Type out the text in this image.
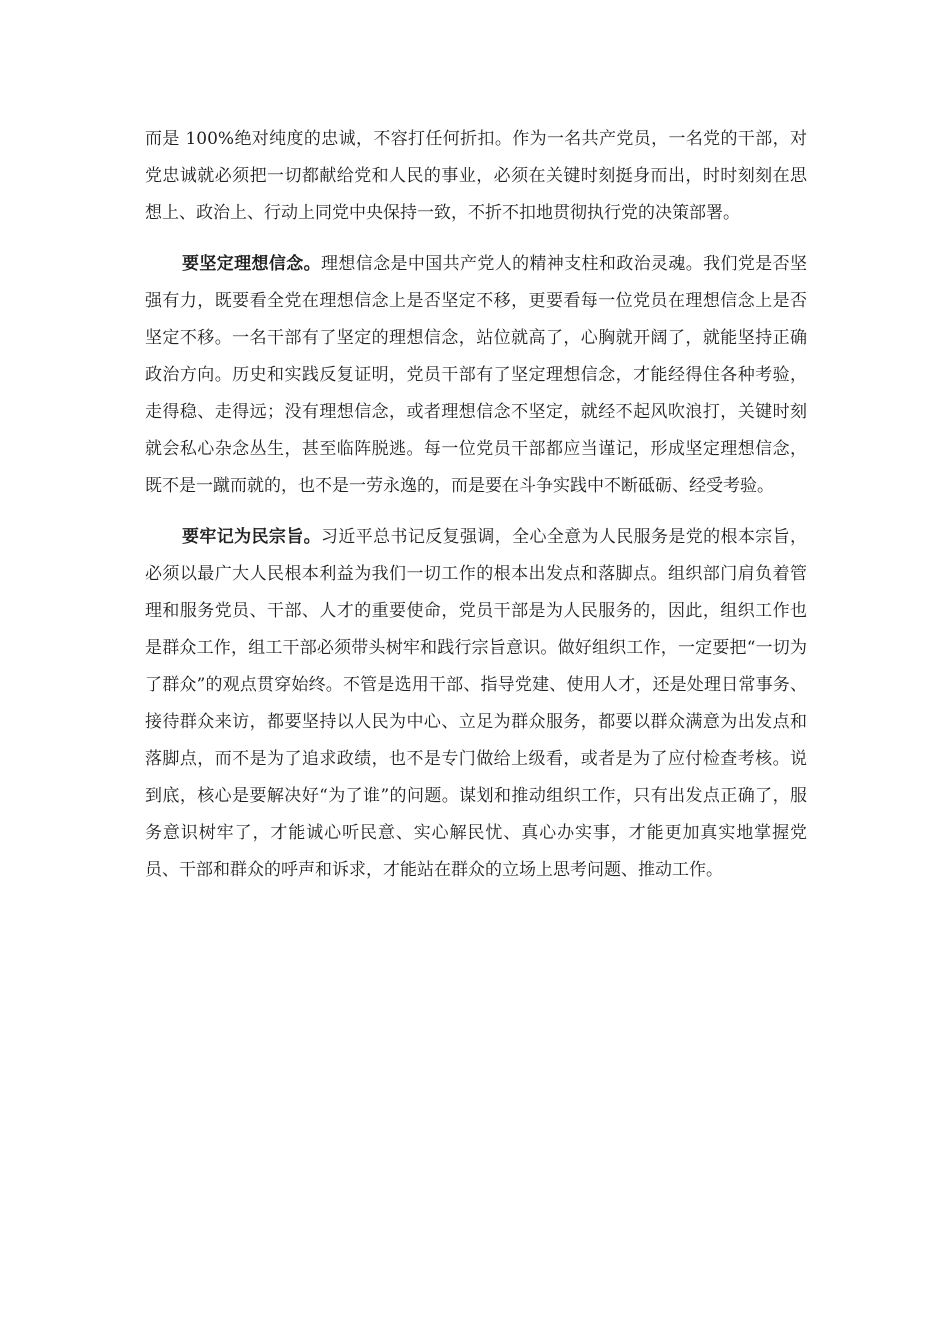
而是 100%绝对纯度的忠诚，不容打任何折扣。作为一名共产党员，一名党的干部，对党忠诚就必须把一切都献给党和人民的事业，必须在关键时刻挺身而出，时时刻刻在思想上、政治上、行动上同党中央保持一致，不折不扣地贯彻执行党的决策部署。

要坚定理想信念。理想信念是中国共产党人的精神支柱和政治灵魂。我们党是否坚强有力，既要看全党在理想信念上是否坚定不移，更要看每一位党员在理想信念上是否坚定不移。一名干部有了坚定的理想信念，站位就高了，心胸就开阔了，就能坚持正确政治方向。历史和实践反复证明，党员干部有了坚定理想信念，才能经得住各种考验，走得稳、走得远；没有理想信念，或者理想信念不坚定，就经不起风吹浪打，关键时刻就会私心杂念丛生，甚至临阵脱逃。每一位党员干部都应当谨记，形成坚定理想信念，既不是一蹴而就的，也不是一劳永逸的，而是要在斗争实践中不断砥砺、经受考验。

要牢记为民宗旨。习近平总书记反复强调，全心全意为人民服务是党的根本宗旨，必须以最广大人民根本利益为我们一切工作的根本出发点和落脚点。组织部门肩负着管理和服务党员、干部、人才的重要使命，党员干部是为人民服务的，因此，组织工作也是群众工作，组工干部必须带头树牢和践行宗旨意识。做好组织工作，一定要把“一切为了群众”的观点贯穿始终。不管是选用干部、指导党建、使用人才，还是处理日常事务、接待群众来访，都要坚持以人民为中心、立足为群众服务，都要以群众满意为出发点和落脚点，而不是为了追求政绩，也不是专门做给上级看，或者是为了应付检查考核。说到底，核心是要解决好“为了谁”的问题。谋划和推动组织工作，只有出发点正确了，服务意识树牢了，才能诚心听民意、实心解民忧、真心办实事，才能更加真实地掌握党员、干部和群众的呼声和诉求，才能站在群众的立场上思考问题、推动工作。
